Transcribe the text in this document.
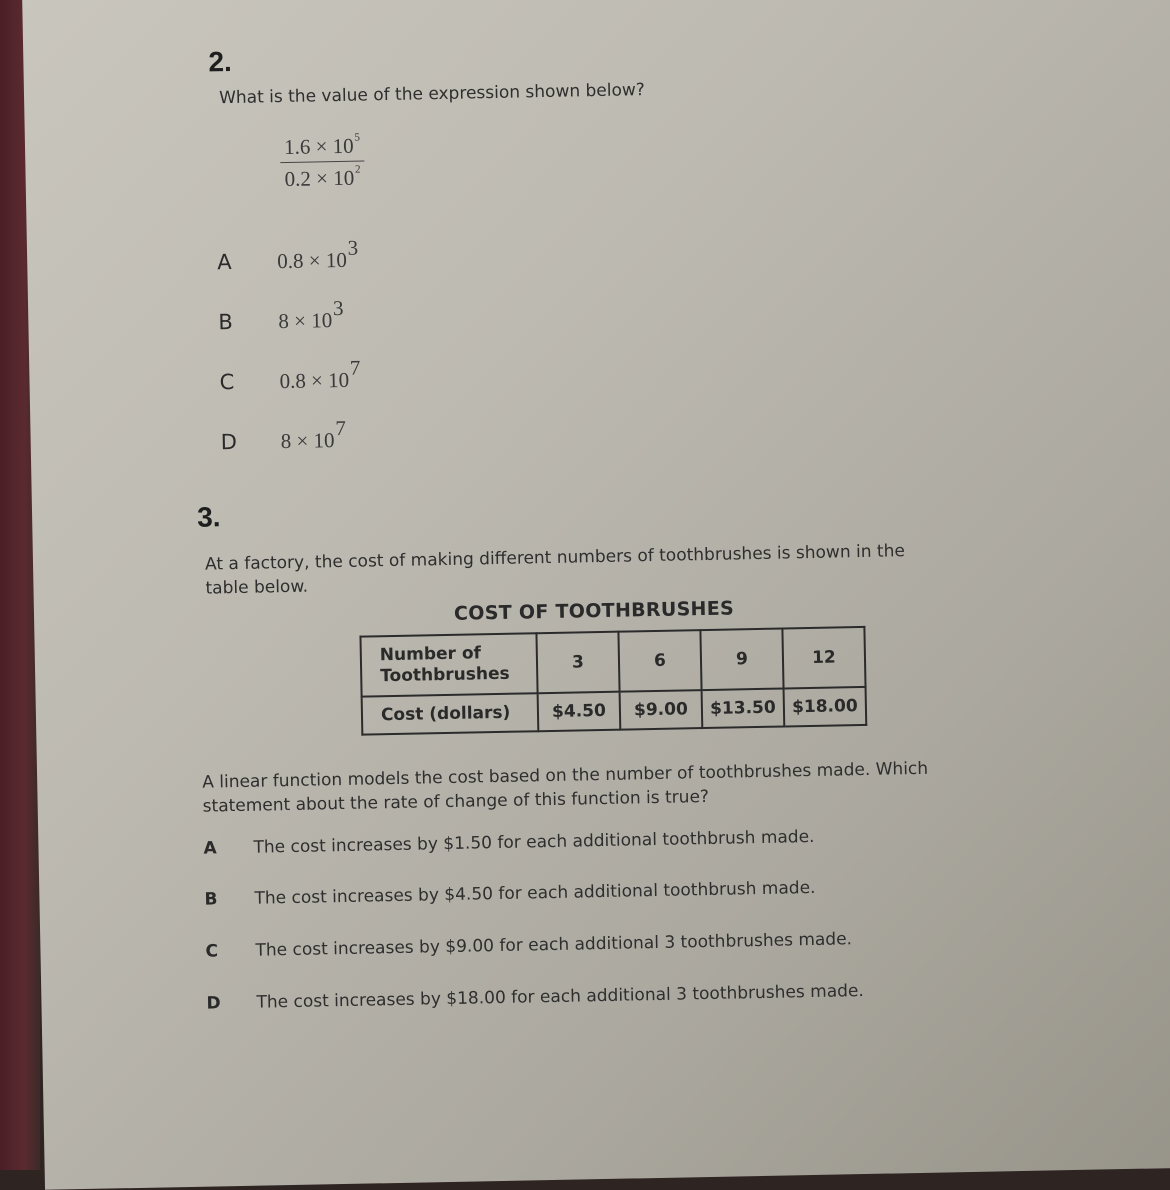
2.
What is the value of the expression shown below?
$\frac{1.6 \times 10^5}{0.2 \times 10^2}$
A $0.8 \times 10^3$
B $8 \times 10^3$
C $0.8 \times 10^7$
D $8 \times 10^7$
3.
At a factory, the cost of making different numbers of toothbrushes is shown in the
table below.
COST OF TOOTHBRUSHES
Number of
Toothbrushes	3	6	9	12
Cost (dollars)	$4.50	$9.00	$13.50	$18.00
A linear function models the cost based on the number of toothbrushes made. Which
statement about the rate of change of this function is true?
A The cost increases by $1.50 for each additional toothbrush made.
B The cost increases by $4.50 for each additional toothbrush made.
C The cost increases by $9.00 for each additional 3 toothbrushes made.
D The cost increases by $18.00 for each additional 3 toothbrushes made.
